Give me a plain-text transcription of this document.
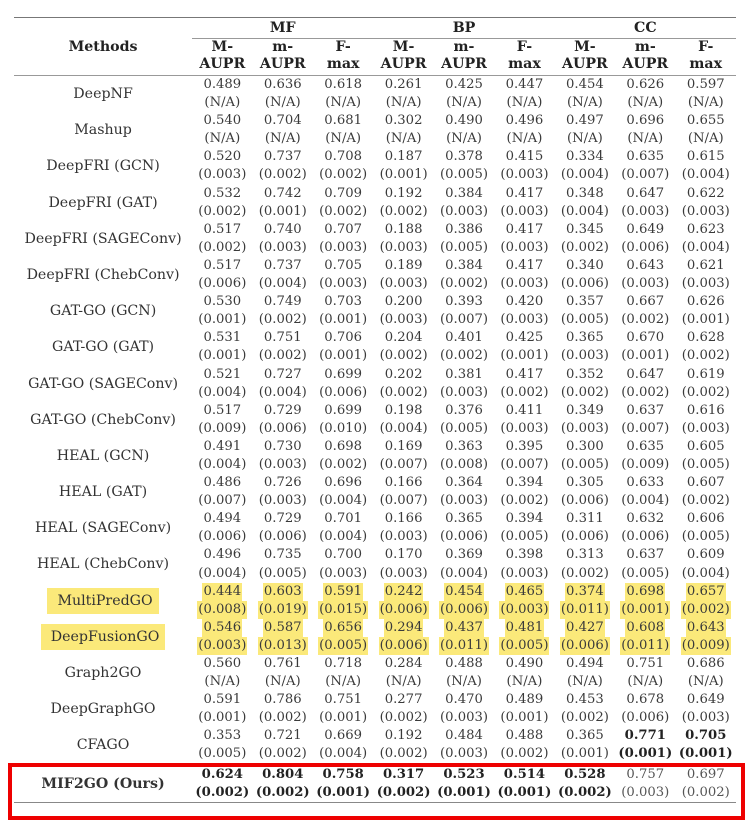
Methods	MF			BP			CC		
	M-	m-	F-	M-	m-	F-	M-	m-	F-
	AUPR	AUPR	max	AUPR	AUPR	max	AUPR	AUPR	max
DeepNF	0.489	0.636	0.618	0.261	0.425	0.447	0.454	0.626	0.597
	(N/A)	(N/A)	(N/A)	(N/A)	(N/A)	(N/A)	(N/A)	(N/A)	(N/A)
Mashup	0.540	0.704	0.681	0.302	0.490	0.496	0.497	0.696	0.655
	(N/A)	(N/A)	(N/A)	(N/A)	(N/A)	(N/A)	(N/A)	(N/A)	(N/A)
DeepFRI (GCN)	0.520	0.737	0.708	0.187	0.378	0.415	0.334	0.635	0.615
	(0.003)	(0.002)	(0.002)	(0.001)	(0.005)	(0.003)	(0.004)	(0.007)	(0.004)
DeepFRI (GAT)	0.532	0.742	0.709	0.192	0.384	0.417	0.348	0.647	0.622
	(0.002)	(0.001)	(0.002)	(0.002)	(0.003)	(0.003)	(0.004)	(0.003)	(0.003)
DeepFRI (SAGEConv)	0.517	0.740	0.707	0.188	0.386	0.417	0.345	0.649	0.623
	(0.002)	(0.003)	(0.003)	(0.003)	(0.005)	(0.003)	(0.002)	(0.006)	(0.004)
DeepFRI (ChebConv)	0.517	0.737	0.705	0.189	0.384	0.417	0.340	0.643	0.621
	(0.006)	(0.004)	(0.003)	(0.003)	(0.002)	(0.003)	(0.006)	(0.003)	(0.003)
GAT-GO (GCN)	0.530	0.749	0.703	0.200	0.393	0.420	0.357	0.667	0.626
	(0.001)	(0.002)	(0.001)	(0.003)	(0.007)	(0.003)	(0.005)	(0.002)	(0.001)
GAT-GO (GAT)	0.531	0.751	0.706	0.204	0.401	0.425	0.365	0.670	0.628
	(0.001)	(0.002)	(0.001)	(0.002)	(0.002)	(0.001)	(0.003)	(0.001)	(0.002)
GAT-GO (SAGEConv)	0.521	0.727	0.699	0.202	0.381	0.417	0.352	0.647	0.619
	(0.004)	(0.004)	(0.006)	(0.002)	(0.003)	(0.002)	(0.002)	(0.002)	(0.002)
GAT-GO (ChebConv)	0.517	0.729	0.699	0.198	0.376	0.411	0.349	0.637	0.616
	(0.009)	(0.006)	(0.010)	(0.004)	(0.005)	(0.003)	(0.003)	(0.007)	(0.003)
HEAL (GCN)	0.491	0.730	0.698	0.169	0.363	0.395	0.300	0.635	0.605
	(0.004)	(0.003)	(0.002)	(0.007)	(0.008)	(0.007)	(0.005)	(0.009)	(0.005)
HEAL (GAT)	0.486	0.726	0.696	0.166	0.364	0.394	0.305	0.633	0.607
	(0.007)	(0.003)	(0.004)	(0.007)	(0.003)	(0.002)	(0.006)	(0.004)	(0.002)
HEAL (SAGEConv)	0.494	0.729	0.701	0.166	0.365	0.394	0.311	0.632	0.606
	(0.006)	(0.006)	(0.004)	(0.003)	(0.006)	(0.005)	(0.006)	(0.006)	(0.005)
HEAL (ChebConv)	0.496	0.735	0.700	0.170	0.369	0.398	0.313	0.637	0.609
	(0.004)	(0.005)	(0.003)	(0.003)	(0.004)	(0.003)	(0.002)	(0.005)	(0.004)
MultiPredGO	0.444	0.603	0.591	0.242	0.454	0.465	0.374	0.698	0.657
	(0.008)	(0.019)	(0.015)	(0.006)	(0.006)	(0.003)	(0.011)	(0.001)	(0.002)
DeepFusionGO	0.546	0.587	0.656	0.294	0.437	0.481	0.427	0.608	0.643
	(0.003)	(0.013)	(0.005)	(0.006)	(0.011)	(0.005)	(0.006)	(0.011)	(0.009)
Graph2GO	0.560	0.761	0.718	0.284	0.488	0.490	0.494	0.751	0.686
	(N/A)	(N/A)	(N/A)	(N/A)	(N/A)	(N/A)	(N/A)	(N/A)	(N/A)
DeepGraphGO	0.591	0.786	0.751	0.277	0.470	0.489	0.453	0.678	0.649
	(0.001)	(0.002)	(0.001)	(0.002)	(0.003)	(0.001)	(0.002)	(0.006)	(0.003)
CFAGO	0.353	0.721	0.669	0.192	0.484	0.488	0.365	0.771	0.705
	(0.005)	(0.002)	(0.004)	(0.002)	(0.003)	(0.002)	(0.001)	(0.001)	(0.001)
MIF2GO (Ours)	0.624	0.804	0.758	0.317	0.523	0.514	0.528	0.757	0.697
	(0.002)	(0.002)	(0.001)	(0.002)	(0.001)	(0.001)	(0.002)	(0.003)	(0.002)
